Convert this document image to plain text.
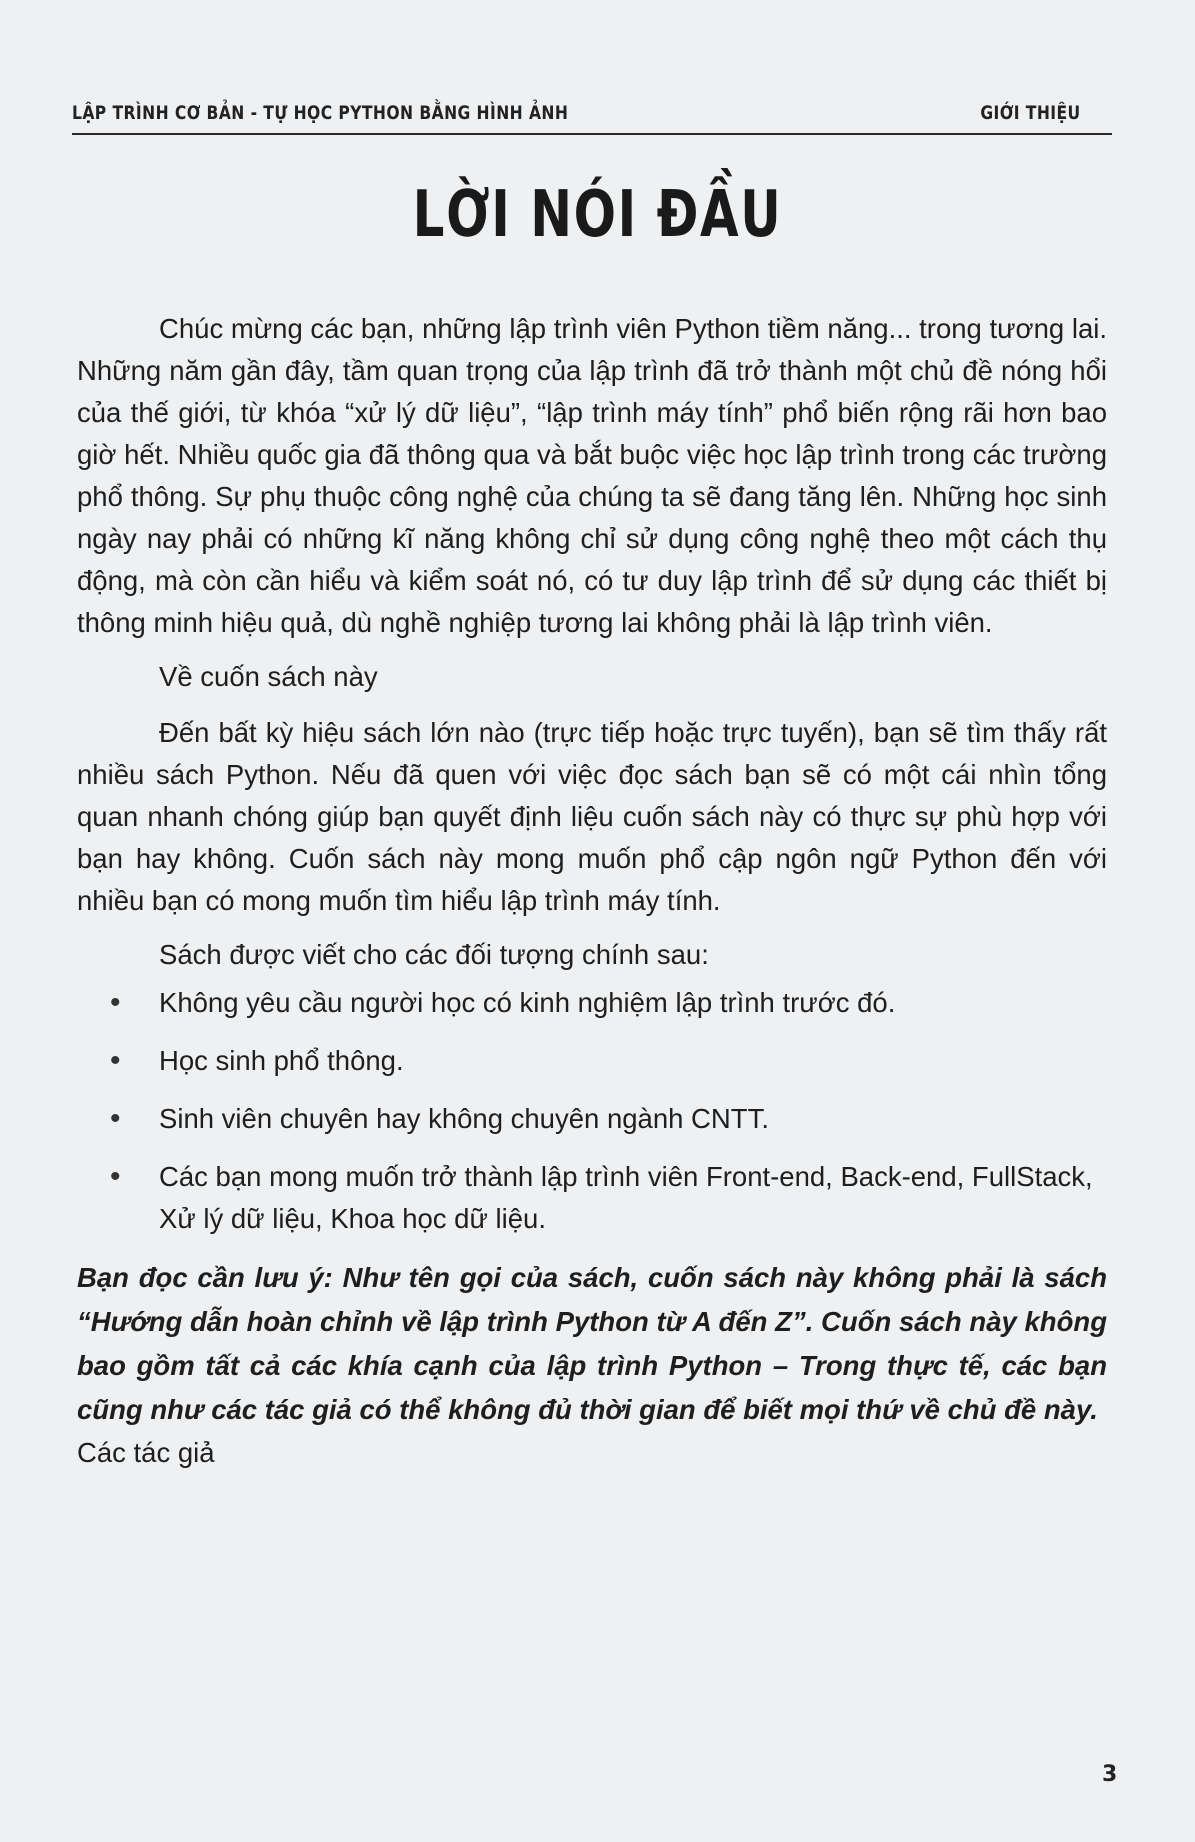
LẬP TRÌNH CƠ BẢN - TỰ HỌC PYTHON BẰNG HÌNH ẢNH	GIỚI THIỆU
LỜI NÓI ĐẦU

Chúc mừng các bạn, những lập trình viên Python tiềm năng... trong tương lai. Những năm gần đây, tầm quan trọng của lập trình đã trở thành một chủ đề nóng hổi của thế giới, từ khóa “xử lý dữ liệu”, “lập trình máy tính” phổ biến rộng rãi hơn bao giờ hết. Nhiều quốc gia đã thông qua và bắt buộc việc học lập trình trong các trường phổ thông. Sự phụ thuộc công nghệ của chúng ta sẽ đang tăng lên. Những học sinh ngày nay phải có những kĩ năng không chỉ sử dụng công nghệ theo một cách thụ động, mà còn cần hiểu và kiểm soát nó, có tư duy lập trình để sử dụng các thiết bị thông minh hiệu quả, dù nghề nghiệp tương lai không phải là lập trình viên.

Về cuốn sách này

Đến bất kỳ hiệu sách lớn nào (trực tiếp hoặc trực tuyến), bạn sẽ tìm thấy rất nhiều sách Python. Nếu đã quen với việc đọc sách bạn sẽ có một cái nhìn tổng quan nhanh chóng giúp bạn quyết định liệu cuốn sách này có thực sự phù hợp với bạn hay không. Cuốn sách này mong muốn phổ cập ngôn ngữ Python đến với nhiều bạn có mong muốn tìm hiểu lập trình máy tính.

Sách được viết cho các đối tượng chính sau:

• Không yêu cầu người học có kinh nghiệm lập trình trước đó.
• Học sinh phổ thông.
• Sinh viên chuyên hay không chuyên ngành CNTT.
• Các bạn mong muốn trở thành lập trình viên Front-end, Back-end, FullStack, Xử lý dữ liệu, Khoa học dữ liệu.

Bạn đọc cần lưu ý: Như tên gọi của sách, cuốn sách này không phải là sách “Hướng dẫn hoàn chỉnh về lập trình Python từ A đến Z”. Cuốn sách này không bao gồm tất cả các khía cạnh của lập trình Python – Trong thực tế, các bạn cũng như các tác giả có thể không đủ thời gian để biết mọi thứ về chủ đề này.

Các tác giả

3
